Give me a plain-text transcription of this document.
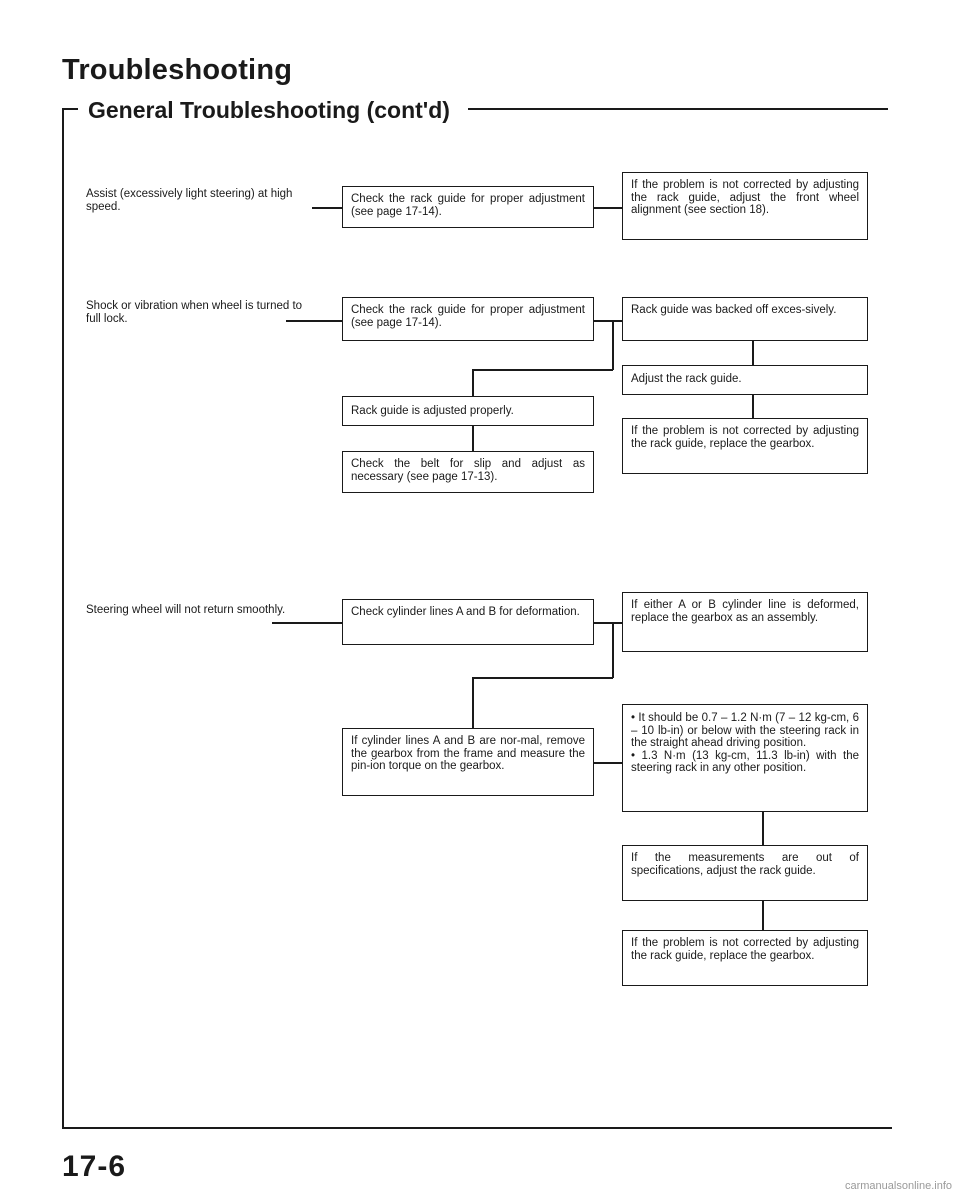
Troubleshooting
General Troubleshooting (cont'd)
Assist (excessively light steering) at high speed.
Check the rack guide for proper adjustment (see page 17-14).
If the problem is not corrected by adjusting the rack guide, adjust the front wheel alignment (see section 18).
Shock or vibration when wheel is turned to full lock.
Check the rack guide for proper adjustment (see page 17-14).
Rack guide was backed off exces-sively.
Adjust the rack guide.
If the problem is not corrected by adjusting the rack guide, replace the gearbox.
Rack guide is adjusted properly.
Check the belt for slip and adjust as necessary (see page 17-13).
Steering wheel will not return smoothly.	Check cylinder lines A and B for deformation.
If either A or B cylinder line is deformed, replace the gearbox as an assembly.
If cylinder lines A and B are nor-mal, remove the gearbox from the frame and measure the pin-ion torque on the gearbox.
• It should be 0.7 – 1.2 N·m (7 – 12 kg-cm, 6 – 10 lb-in) or below with the steering rack in the straight ahead driving position.
• 1.3 N·m (13 kg-cm, 11.3 lb-in) with the steering rack in any other position.
If the measurements are out of specifications, adjust the rack guide.
If the problem is not corrected by adjusting the rack guide, replace the gearbox.
17-6
carmanualsonline.info
